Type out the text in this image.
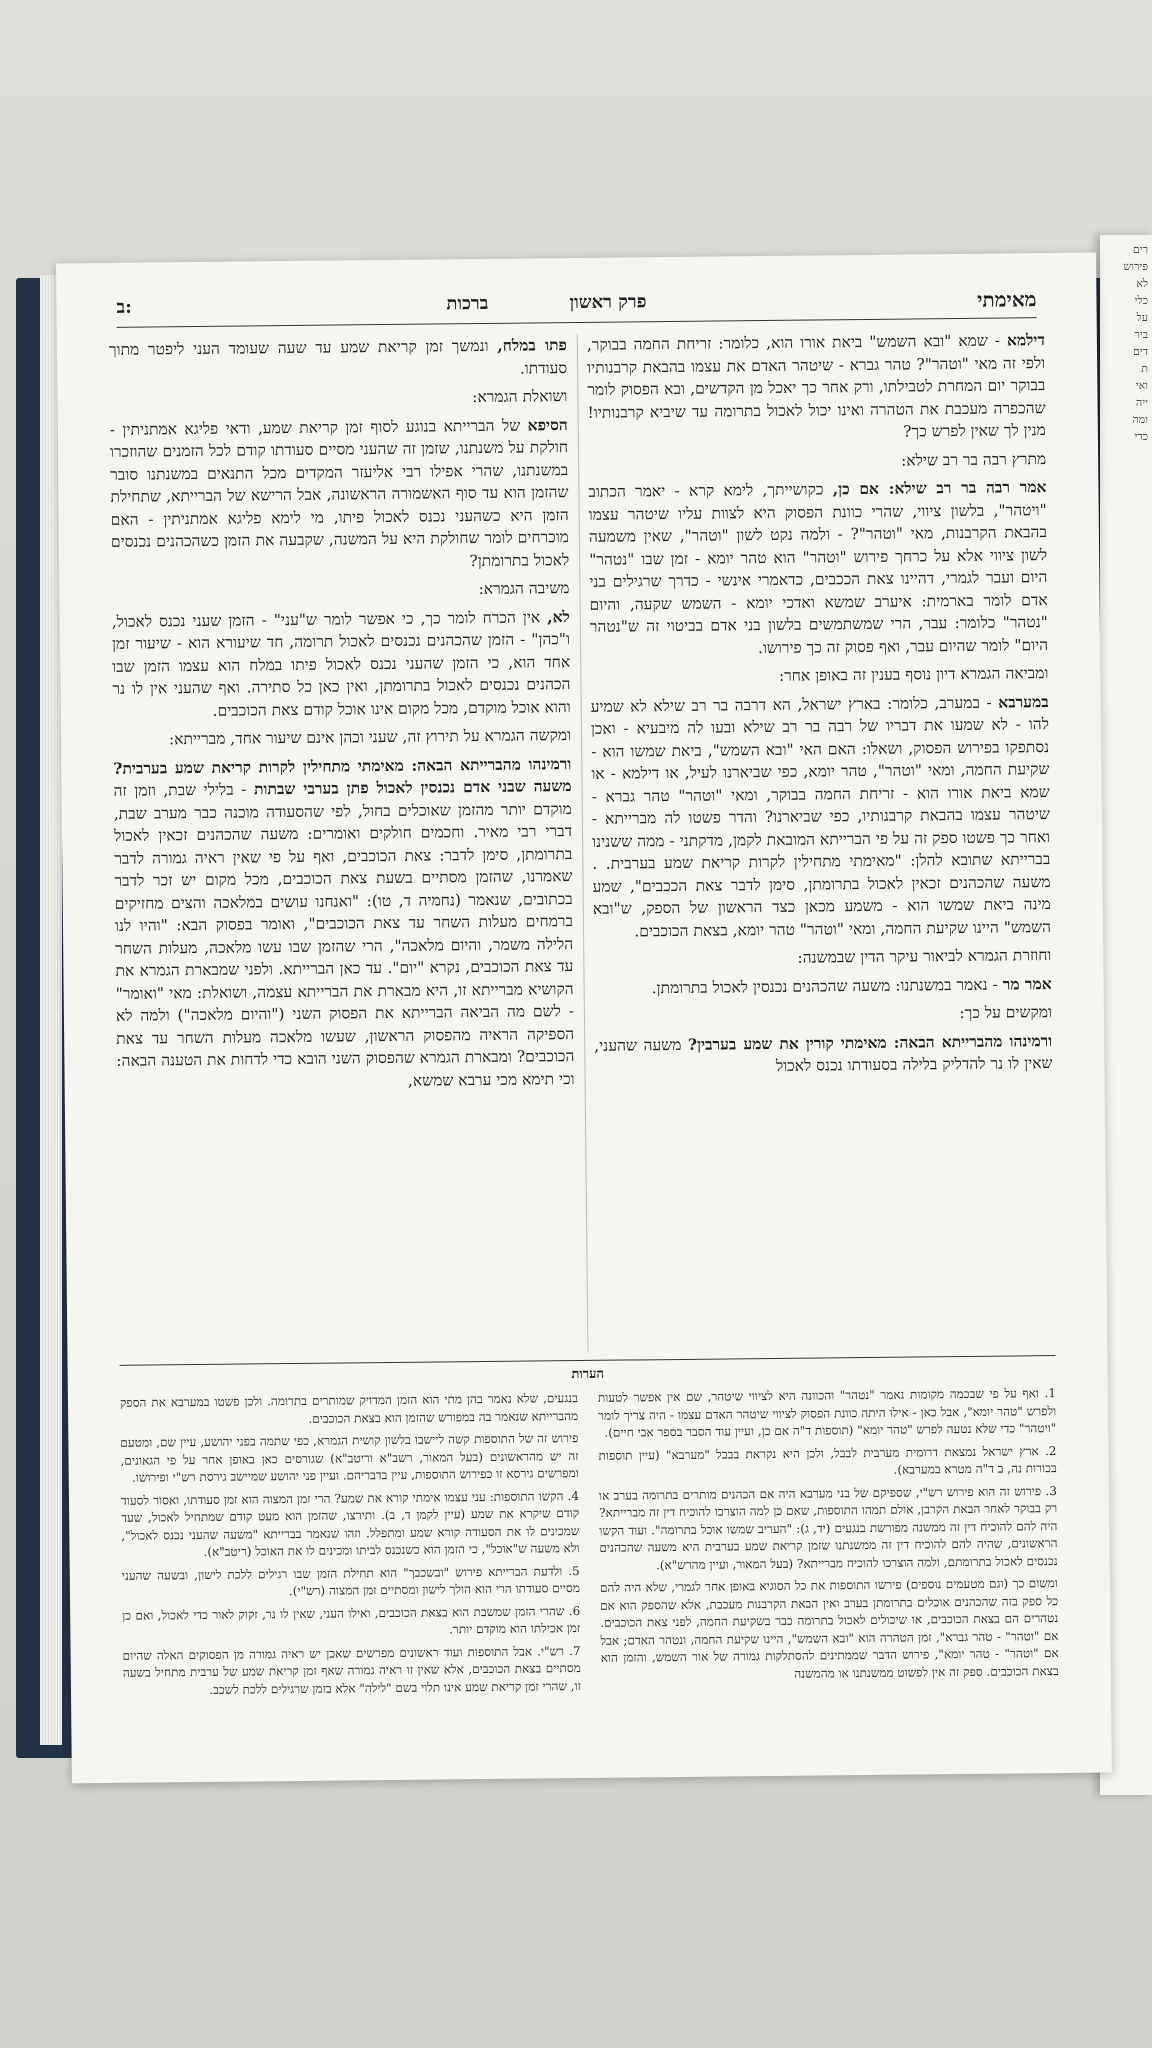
רים
פירוש
לא
כלי
על
ביר
דים
ת
ואי
ייה
ומה
כדי
מאימתי
פרק ראשון
ברכות
ב:

דילמא - שמא "ובא השמש" ביאת אורו הוא, כלומר: זריחת החמה בבוקר, ולפי זה מאי "וטהר"? טהר גברא - שיטהר האדם את עצמו בהבאת קרבנותיו בבוקר יום המחרת לטבילתו, ורק אחר כך יאכל מן הקדשים, ובא הפסוק לומר שהכפרה מעכבת את הטהרה ואינו יכול לאכול בתרומה עד שיביא קרבנותיו! מנין לך שאין לפרש כך?

מתרץ רבה בר רב שילא:

אמר רבה בר רב שילא: אם כן, כקושייתך, לימא קרא - יאמר הכתוב "ויטהר", בלשון ציווי, שהרי כוונת הפסוק היא לצוות עליו שיטהר עצמו בהבאת הקרבנות, מאי "וטהר"? - ולמה נקט לשון "וטהר", שאין משמעה לשון ציווי אלא על כרחך פירוש "וטהר" הוא טהר יומא - זמן שבו "נטהר" היום ועבר לגמרי, דהיינו צאת הככבים, כדאמרי אינשי - כדרך שרגילים בני אדם לומר בארמית: איערב שמשא ואדכי יומא - השמש שקעה, והיום "נטהר" כלומר: עבר, הרי שמשתמשים בלשון בני אדם בביטוי זה ש"נטהר היום" לומר שהיום עבר, ואף פסוק זה כך פירושו.

ומביאה הגמרא דיון נוסף בענין זה באופן אחר:

במערבא - במערב, כלומר: בארץ ישראל, הא דרבה בר רב שילא לא שמיע להו - לא שמעו את דבריו של רבה בר רב שילא ובעו לה מיבעיא - ואכן נסתפקו בפירוש הפסוק, ושאלו: האם האי "ובא השמש", ביאת שמשו הוא - שקיעת החמה, ומאי "וטהר", טהר יומא, כפי שביארנו לעיל, או דילמא - או שמא ביאת אורו הוא - זריחת החמה בבוקר, ומאי "וטהר" טהר גברא - שיטהר עצמו בהבאת קרבנותיו, כפי שביארנו? והדר פשטו לה מברייתא - ואחר כך פשטו ספק זה על פי הברייתא המובאת לקמן, מדקתני - ממה ששנינו בברייתא שתובא להלן: "מאימתי מתחילין לקרות קריאת שמע בערבית. . משעה שהכהנים זכאין לאכול בתרומתן, סימן לדבר צאת הככבים", שמע מינה ביאת שמשו הוא - משמע מכאן כצד הראשון של הספק, ש"ובא השמש" היינו שקיעת החמה, ומאי "וטהר" טהר יומא, בצאת הכוכבים.

וחוזרת הגמרא לביאור עיקר הדין שבמשנה:

אמר מר - נאמר במשנתנו: משעה שהכהנים נכנסין לאכול בתרומתן.

ומקשים על כך:

ורמינהו מהברייתא הבאה: מאימתי קורין את שמע בערבין? משעה שהעני, שאין לו נר להדליק בלילה בסעודתו נכנס לאכול

פתו במלח, ונמשך זמן קריאת שמע עד שעה שעומד העני ליפטר מתוך סעודתו.

ושואלת הגמרא:

הסיפא של הברייתא בנוגע לסוף זמן קריאת שמע, ודאי פליגא אמתניתין - חולקת על משנתנו, שזמן זה שהעני מסיים סעודתו קודם לכל הזמנים שהוזכרו במשנתנו, שהרי אפילו רבי אליעזר המקדים מכל התנאים במשנתנו סובר שהזמן הוא עד סוף האשמורה הראשונה, אבל הרישא של הברייתא, שתחילת הזמן היא כשהעני נכנס לאכול פיתו, מי לימא פליגא אמתניתין - האם מוכרחים לומר שחולקת היא על המשנה, שקבעה את הזמן כשהכהנים נכנסים לאכול בתרומתן?

משיבה הגמרא:

לא, אין הכרח לומר כך, כי אפשר לומר ש"עני" - הזמן שעני נכנס לאכול, ו"כהן" - הזמן שהכהנים נכנסים לאכול תרומה, חד שיעורא הוא - שיעור זמן אחד הוא, כי הזמן שהעני נכנס לאכול פיתו במלח הוא עצמו הזמן שבו הכהנים נכנסים לאכול בתרומתן, ואין כאן כל סתירה. ואף שהעני אין לו נר והוא אוכל מוקדם, מכל מקום אינו אוכל קודם צאת הכוכבים.

ומקשה הגמרא על תירוץ זה, שעני וכהן אינם שיעור אחד, מברייתא:

ורמינהו מהברייתא הבאה: מאימתי מתחילין לקרות קריאת שמע בערבית? משעה שבני אדם נכנסין לאכול פתן בערבי שבתות - בלילי שבת, וזמן זה מוקדם יותר מהזמן שאוכלים בחול, לפי שהסעודה מוכנה כבר מערב שבת, דברי רבי מאיר. וחכמים חולקים ואומרים: משעה שהכהנים זכאין לאכול בתרומתן, סימן לדבר: צאת הכוכבים, ואף על פי שאין ראיה גמורה לדבר שאמרנו, שהזמן מסתיים בשעת צאת הכוכבים, מכל מקום יש זכר לדבר בכתובים, שנאמר (נחמיה ד, טו): "ואנחנו עושים במלאכה והצים מחזיקים ברמחים מעלות השחר עד צאת הכוכבים", ואומר בפסוק הבא: "והיו לנו הלילה משמר, והיום מלאכה", הרי שהזמן שבו עשו מלאכה, מעלות השחר עד צאת הכוכבים, נקרא "יום". עד כאן הברייתא. ולפני שמבארת הגמרא את הקושיא מברייתא זו, היא מבארת את הברייתא עצמה, ושואלת: מאי "ואומר" - לשם מה הביאה הברייתא את הפסוק השני ("והיום מלאכה") ולמה לא הספיקה הראיה מהפסוק הראשון, שעשו מלאכה מעלות השחר עד צאת הכוכבים? ומבארת הגמרא שהפסוק השני הובא כדי לדחות את הטענה הבאה: וכי תימא מכי ערבא שמשא,

הערות

1. ואף על פי שבכמה מקומות נאמר "נטהר" והכוונה היא לציווי שיטהר, שם אין אפשר לטעות ולפרש "טהר יומא", אבל כאן - אילו היתה כוונת הפסוק לציווי שיטהר האדם עצמו - היה צריך לומר "ויטהר" כדי שלא נטעה לפרש "טהר יומא" (תוספות ד"ה אם כן, ועיין עוד הסבר בספר אבי חיים).

2. ארץ ישראל נמצאת דרומית מערבית לבבל, ולכן היא נקראת בבבל "מערבא" (עיין תוספות בכורות נה, ב ד"ה מטרא במערבא).

3. פירוש זה הוא פירוש רש"י, שספיקם של בני מערבא היה אם הכהנים מותרים בתרומה בערב או רק בבוקר לאחר הבאת הקרבן, אולם תמהו התוספות, שאם כן למה הוצרכו להוכיח דין זה מברייתא? היה להם להוכיח דין זה ממשנה מפורשת בנגעים (יד, ג): "העריב שמשו אוכל בתרומה". ועוד הקשו הראשונים, שהיה להם להוכיח דין זה ממשנתנו שזמן קריאת שמע בערבית היא משעה שהכהנים נכנסים לאכול בתרומתם, ולמה הוצרכו להוכיח מברייתא? (בעל המאור, ועיין מהרש"א).

ומשום כך (וגם מטעמים נוספים) פירשו התוספות את כל הסוגיא באופן אחר לגמרי, שלא היה להם כל ספק בזה שהכהנים אוכלים בתרומתן בערב ואין הבאת הקרבנות מעכבת, אלא שהספק הוא אם נטהרים הם בצאת הכוכבים, או שיכולים לאכול בתרומה כבר בשקיעת החמה, לפני צאת הכוכבים. אם "וטהר" - טהר גברא", זמן הטהרה הוא "ובא השמש", היינו שקיעת החמה, ונטהר האדם; אבל אם "וטהר" - טהר יומא", פירוש הדבר שממתינים להסתלקות גמורה של אור השמש, והזמן הוא בצאת הכוכבים. ספק זה אין לפשוט ממשנתנו או מהמשנה

בנגעים, שלא נאמר בהן מתי הוא הזמן המדויק שמותרים בתרומה. ולכן פשטו במערבא את הספק מהברייתא שנאמר בה במפורש שהזמן הוא בצאת הכוכבים.

פירוש זה של התוספות קשה ליישבו בלשון קושית הגמרא, כפי שתמה בפני יהושע, עיין שם, ומטעם זה יש מהראשונים (בעל המאור, רשב"א וריטב"א) שגורסים כאן באופן אחר על פי הגאונים, ומפרשים גירסא זו כפירוש התוספות, עיין בדבריהם. ועיין פני יהושע שמיישב גירסת רש"י ופירושו.

4. הקשו התוספות: עני עצמו אימתי קורא את שמע? הרי זמן המצוה הוא זמן סעודתו, ואסור לסעוד קודם שיקרא את שמע (עיין לקמן ד, ב). ותירצו, שהזמן הוא מעט קודם שמתחיל לאכול, שעד שמכינים לו את הסעודה קורא שמע ומתפלל. וזהו שנאמר בברייתא "משעה שהעני נכנס לאכול", ולא משעה ש"אוכל", כי הזמן הוא כשנכנס לביתו ומכינים לו את האוכל (ריטב"א).

5. ולדעת הברייתא פירוש "ובשכבך" הוא תחילת הזמן שבו רגילים ללכת לישון, ובשעה שהעני מסיים סעודתו הרי הוא הולך לישון ומסתיים זמן המצוה (רש"י).

6. שהרי הזמן שמשבת הוא בצאת הכוכבים, ואילו העני, שאין לו נר, זקוק לאור כדי לאכול, ואם כן זמן אכילתו הוא מוקדם יותר.

7. רש"י. אבל התוספות ועוד ראשונים מפרשים שאכן יש ראיה גמורה מן הפסוקים האלה שהיום מסתיים בצאת הכוכבים, אלא שאין זו ראיה גמורה שאף זמן קריאת שמע של ערבית מתחיל בשעה זו, שהרי זמן קריאת שמע אינו תלוי בשם "לילה" אלא בזמן שרגילים ללכת לשכב.
